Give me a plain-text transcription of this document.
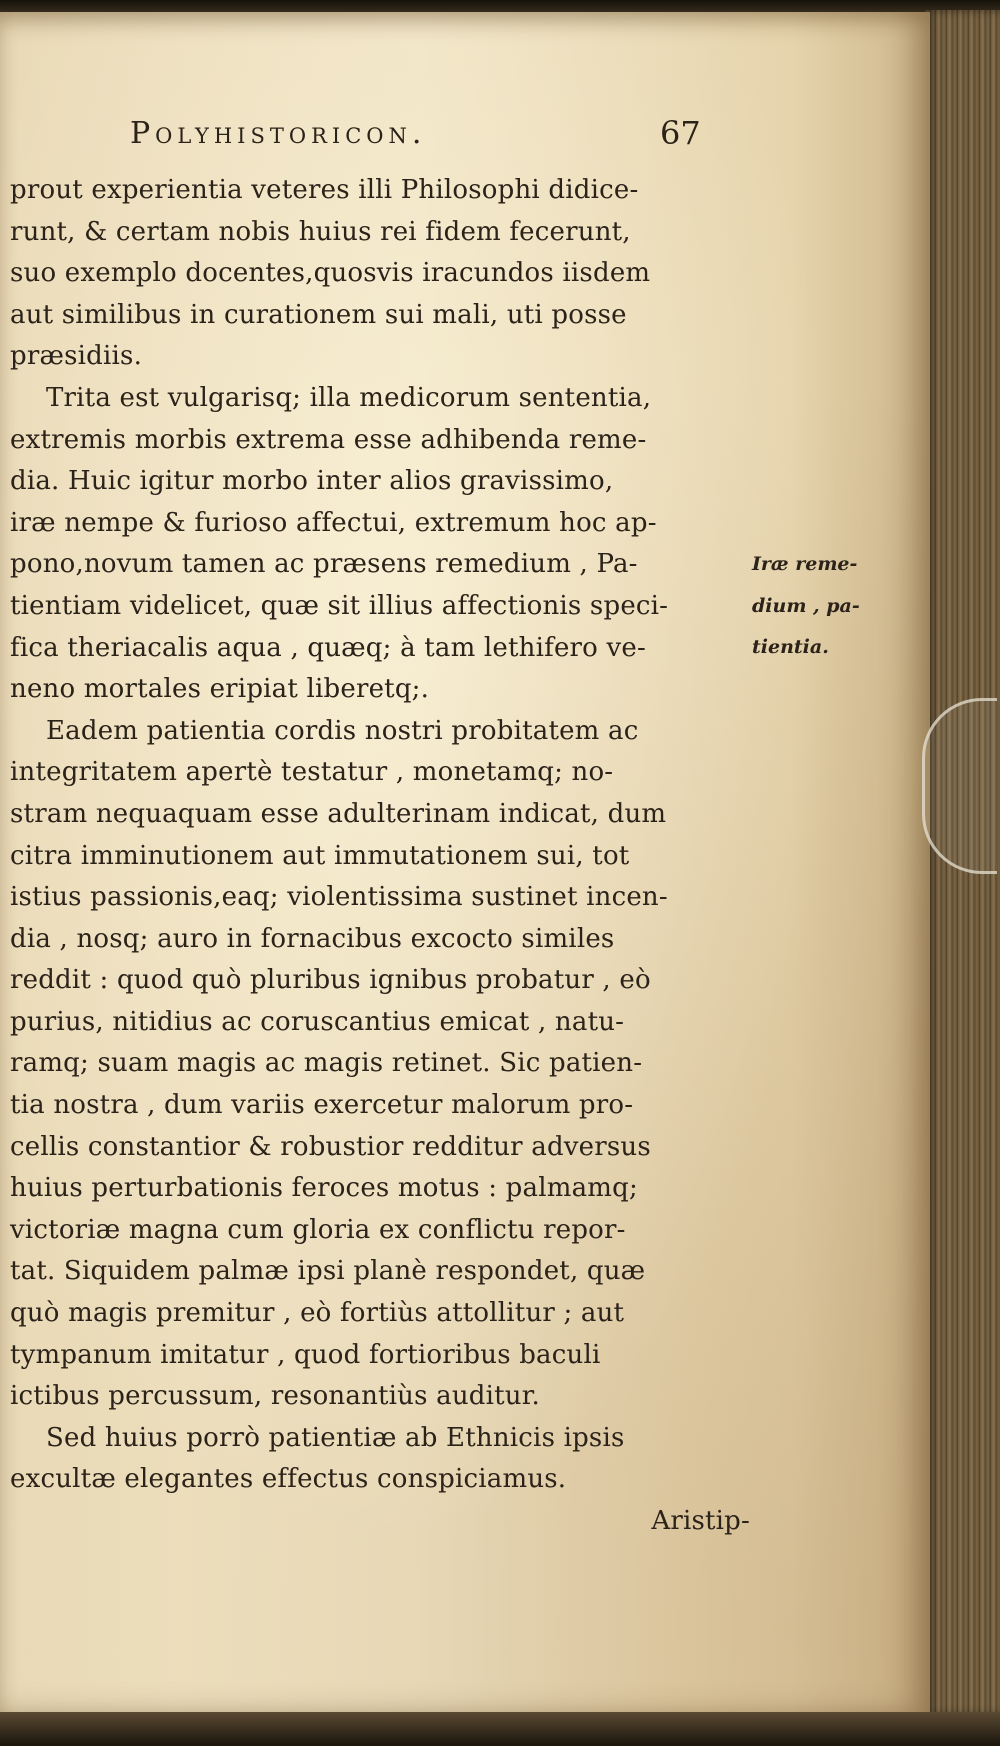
Polyhistoricon.	67
prout experientia veteres illi Philosophi didice-
runt, & certam nobis huius rei fidem fecerunt,
suo exemplo docentes,quosvis iracundos iisdem
aut similibus in curationem sui mali, uti posse
præsidiis.
Trita est vulgarisq; illa medicorum sententia,
extremis morbis extrema esse adhibenda reme-
dia. Huic igitur morbo inter alios gravissimo,
iræ nempe & furioso affectui, extremum hoc ap-
pono,novum tamen ac præsens remedium , Pa-
tientiam videlicet, quæ sit illius affectionis speci-
fica theriacalis aqua , quæq; à tam lethifero ve-
neno mortales eripiat liberetq;.
Eadem patientia cordis nostri probitatem ac
integritatem apertè testatur , monetamq; no-
stram nequaquam esse adulterinam indicat, dum
citra imminutionem aut immutationem sui, tot
istius passionis,eaq; violentissima sustinet incen-
dia , nosq; auro in fornacibus excocto similes
reddit : quod quò pluribus ignibus probatur , eò
purius, nitidius ac coruscantius emicat , natu-
ramq; suam magis ac magis retinet. Sic patien-
tia nostra , dum variis exercetur malorum pro-
cellis constantior & robustior redditur adversus
huius perturbationis feroces motus : palmamq;
victoriæ magna cum gloria ex conflictu repor-
tat. Siquidem palmæ ipsi planè respondet, quæ
quò magis premitur , eò fortiùs attollitur ; aut
tympanum imitatur , quod fortioribus baculi
ictibus percussum, resonantiùs auditur.
Sed huius porrò patientiæ ab Ethnicis ipsis
excultæ elegantes effectus conspiciamus.
Aristip-
Iræ reme-
dium , pa-
tientia.
